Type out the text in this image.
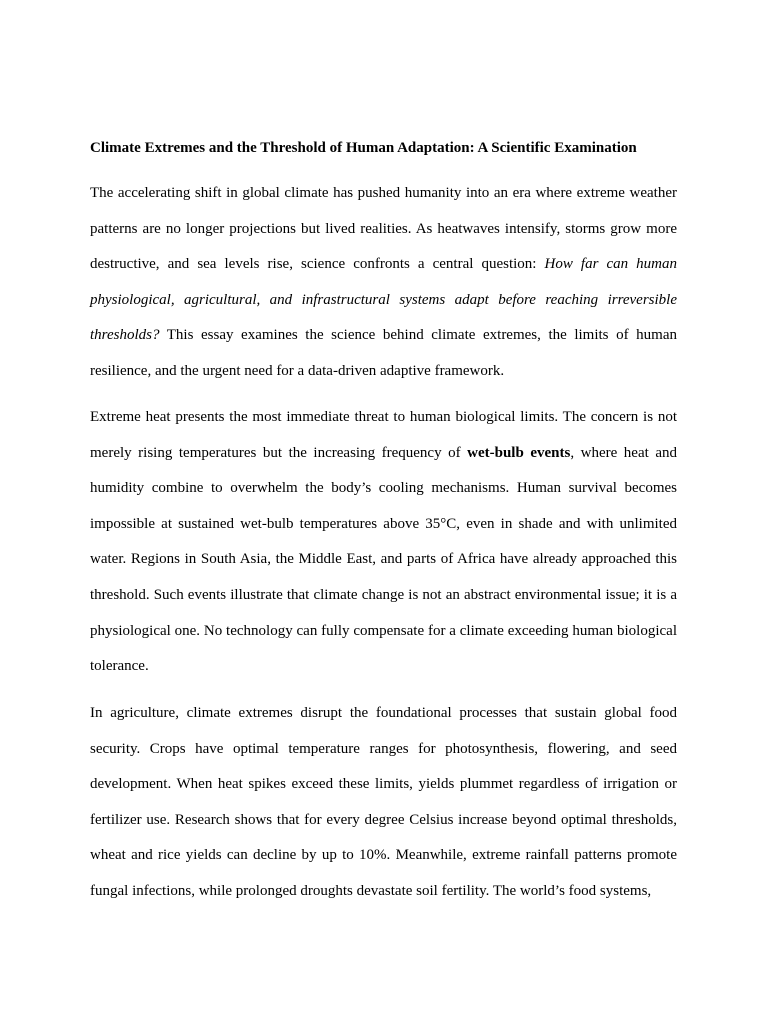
Climate Extremes and the Threshold of Human Adaptation: A Scientific Examination

The accelerating shift in global climate has pushed humanity into an era where extreme weather patterns are no longer projections but lived realities. As heatwaves intensify, storms grow more destructive, and sea levels rise, science confronts a central question: How far can human physiological, agricultural, and infrastructural systems adapt before reaching irreversible thresholds? This essay examines the science behind climate extremes, the limits of human resilience, and the urgent need for a data-driven adaptive framework.

Extreme heat presents the most immediate threat to human biological limits. The concern is not merely rising temperatures but the increasing frequency of wet-bulb events, where heat and humidity combine to overwhelm the body’s cooling mechanisms. Human survival becomes impossible at sustained wet-bulb temperatures above 35°C, even in shade and with unlimited water. Regions in South Asia, the Middle East, and parts of Africa have already approached this threshold. Such events illustrate that climate change is not an abstract environmental issue; it is a physiological one. No technology can fully compensate for a climate exceeding human biological tolerance.

In agriculture, climate extremes disrupt the foundational processes that sustain global food security. Crops have optimal temperature ranges for photosynthesis, flowering, and seed development. When heat spikes exceed these limits, yields plummet regardless of irrigation or fertilizer use. Research shows that for every degree Celsius increase beyond optimal thresholds, wheat and rice yields can decline by up to 10%. Meanwhile, extreme rainfall patterns promote fungal infections, while prolonged droughts devastate soil fertility. The world’s food systems,
